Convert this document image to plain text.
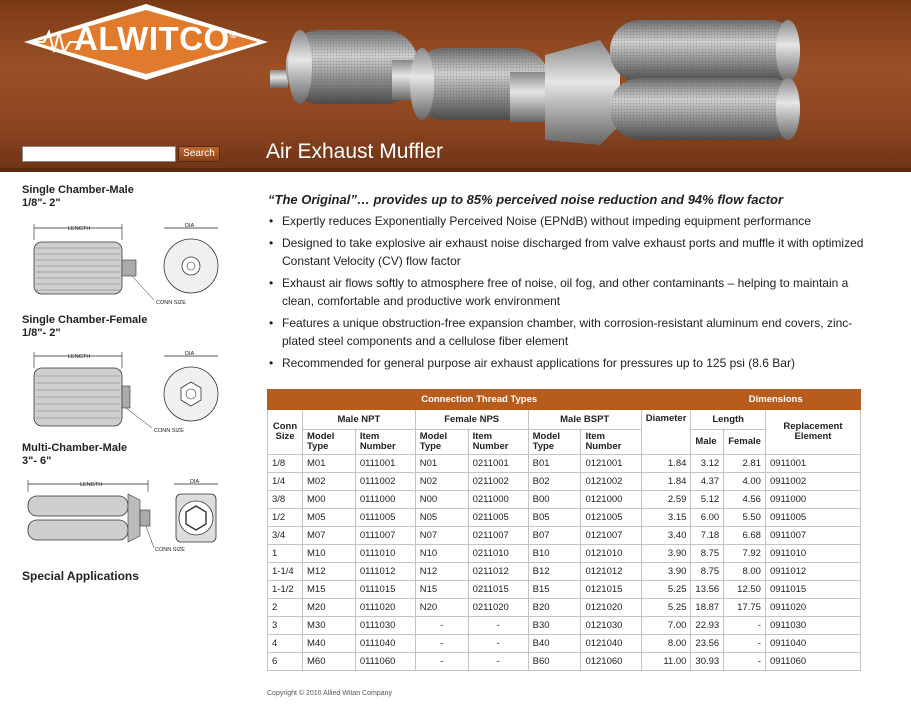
ALWITCO®
Search Air Exhaust Muffler
Single Chamber-Male
1/8"- 2"
LENGTH
CONN SIZE
DIA
Single Chamber-Female
1/8"- 2"
LENGTH
CONN SIZE
DIA
Multi-Chamber-Male
3"- 6"
LENGTH
CONN SIZE
DIA
Special Applications

“The Original”… provides up to 85% perceived noise reduction and 94% flow factor

• Expertly reduces Exponentially Perceived Noise (EPNdB) without impeding equipment performance
• Designed to take explosive air exhaust noise discharged from valve exhaust ports and muffle it with optimized Constant Velocity (CV) flow factor
• Exhaust air flows softly to atmosphere free of noise, oil fog, and other contaminants – helping to maintain a clean, comfortable and productive work environment
• Features a unique obstruction-free expansion chamber, with corrosion-resistant aluminum end covers, zinc-plated steel components and a cellulose fiber element
• Recommended for general purpose air exhaust applications for pressures up to 125 psi (8.6 Bar)
Connection Thread Types								Dimensions		
Conn Size	Male NPT		Female NPS		Male BSPT		Diameter	Length		Replacement Element
	Model Type	Item Number	Model Type	Item Number	Model Type	Item Number		Male	Female	
1/8	M01	0111001	N01	0211001	B01	0121001	1.84	3.12	2.81	0911001
1/4	M02	0111002	N02	0211002	B02	0121002	1.84	4.37	4.00	0911002
3/8	M00	0111000	N00	0211000	B00	0121000	2.59	5.12	4.56	0911000
1/2	M05	0111005	N05	0211005	B05	0121005	3.15	6.00	5.50	0911005
3/4	M07	0111007	N07	0211007	B07	0121007	3.40	7.18	6.68	0911007
1	M10	0111010	N10	0211010	B10	0121010	3.90	8.75	7.92	0911010
1-1/4	M12	0111012	N12	0211012	B12	0121012	3.90	8.75	8.00	0911012
1-1/2	M15	0111015	N15	0211015	B15	0121015	5.25	13.56	12.50	0911015
2	M20	0111020	N20	0211020	B20	0121020	5.25	18.87	17.75	0911020
3	M30	0111030	-	-	B30	0121030	7.00	22.93	-	0911030
4	M40	0111040	-	-	B40	0121040	8.00	23.56	-	0911040
6	M60	0111060	-	-	B60	0121060	11.00	30.93	-	0911060
Copyright © 2010 Allied Witan Company
